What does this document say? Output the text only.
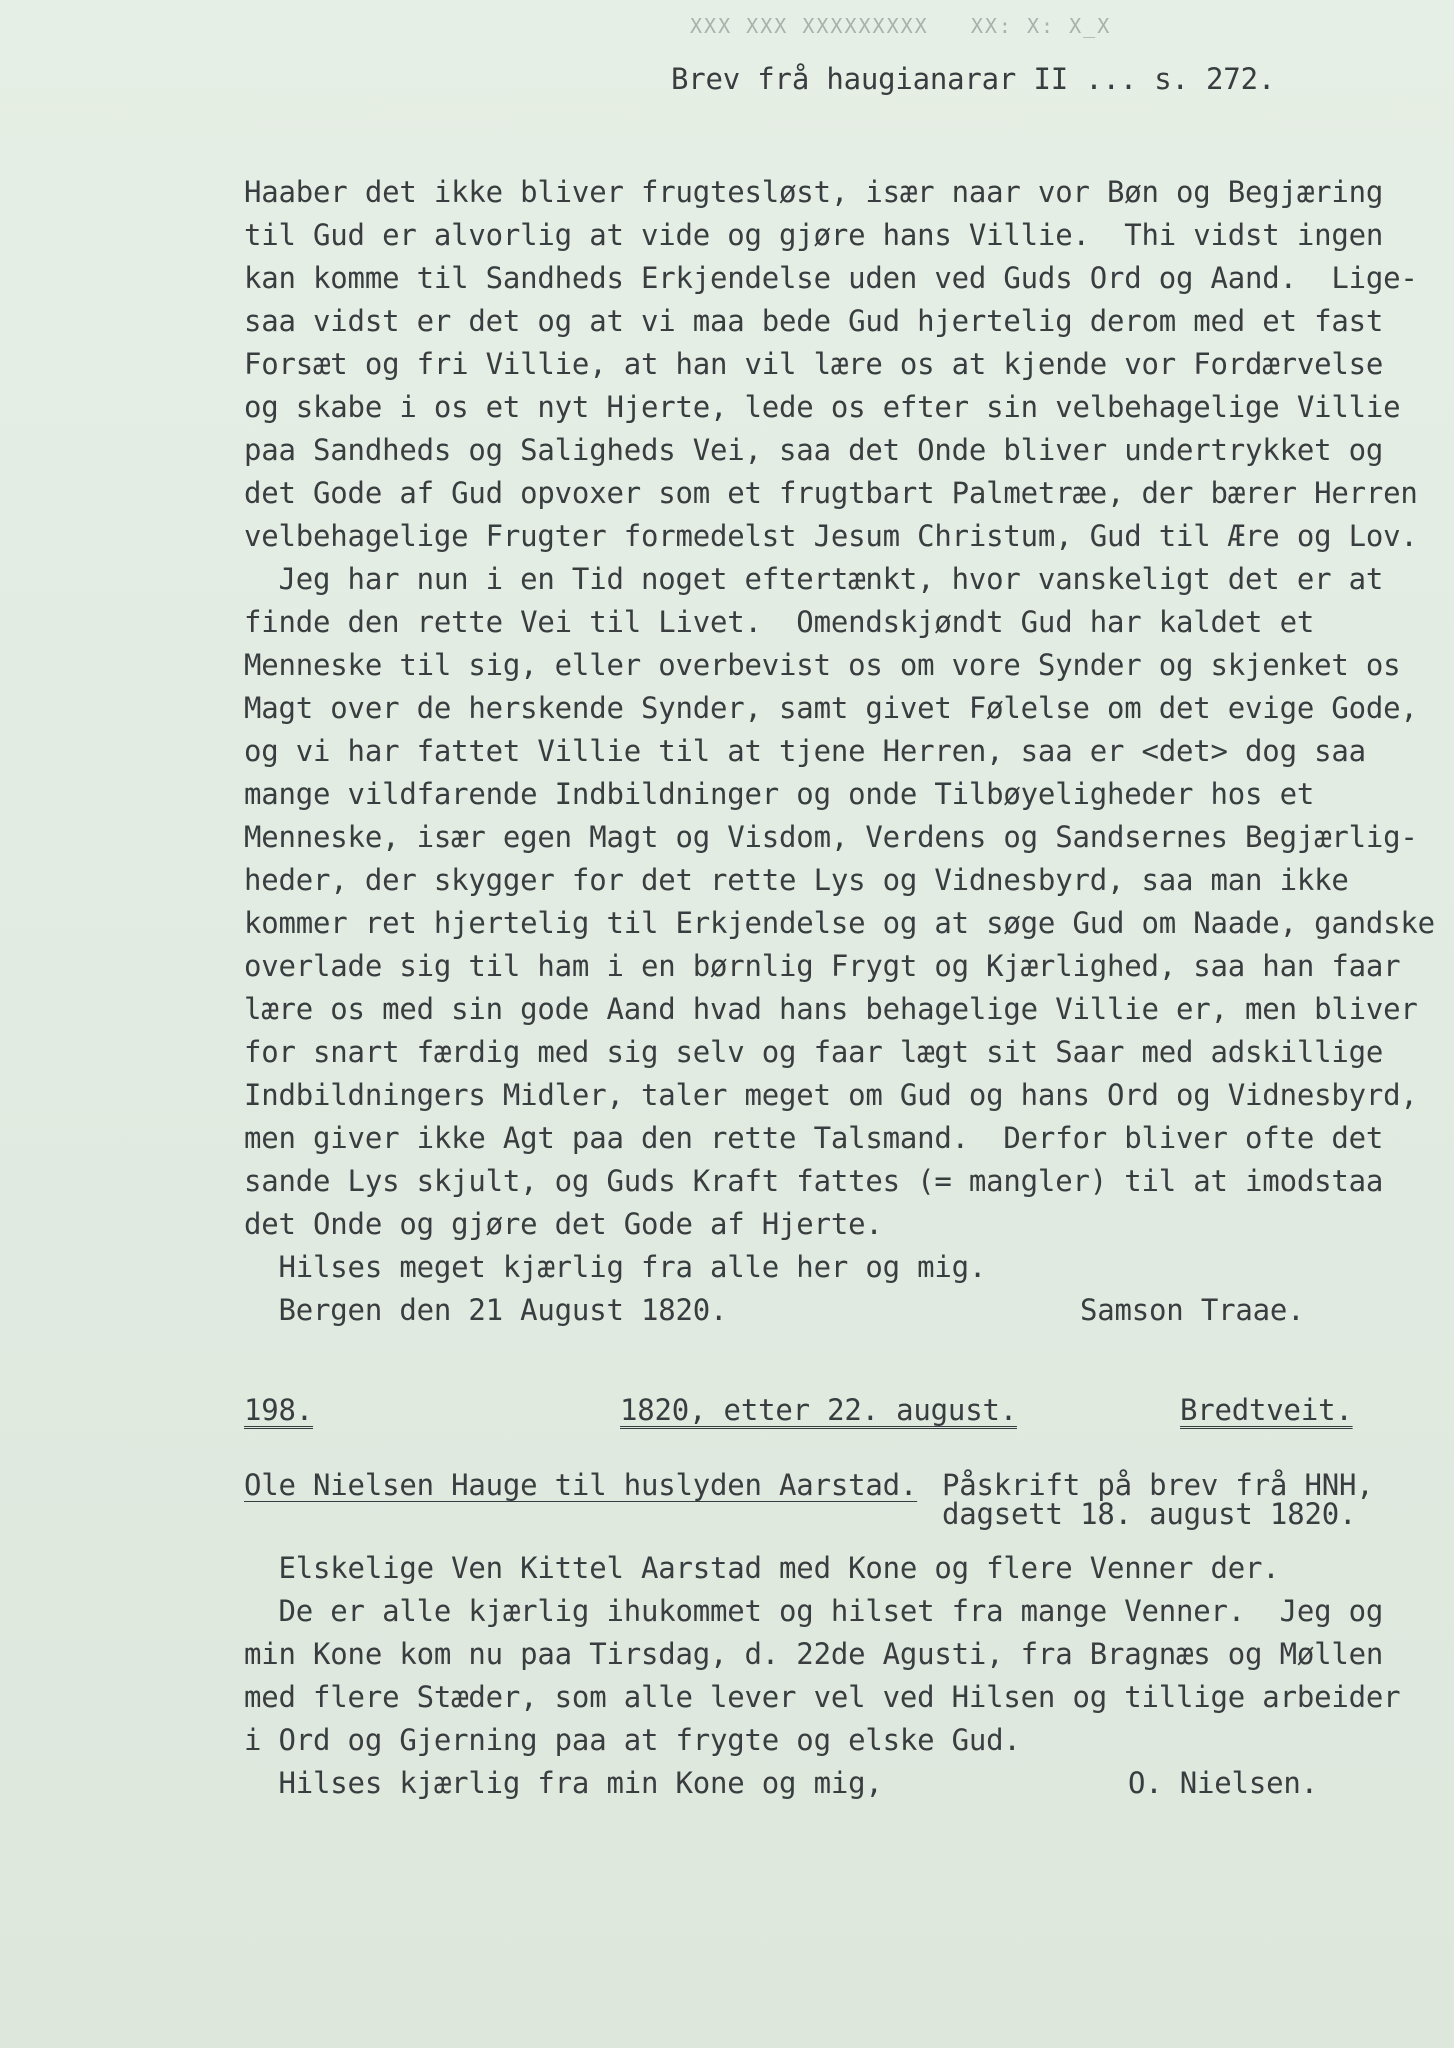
XXX XXX XXXXXXXXX   XX: X: X_X
Brev frå haugianarar II ... s. 272.
Haaber det ikke bliver frugtesløst, især naar vor Bøn og Begjæring
til Gud er alvorlig at vide og gjøre hans Villie.  Thi vidst ingen
kan komme til Sandheds Erkjendelse uden ved Guds Ord og Aand.  Lige-
saa vidst er det og at vi maa bede Gud hjertelig derom med et fast
Forsæt og fri Villie, at han vil lære os at kjende vor Fordærvelse
og skabe i os et nyt Hjerte, lede os efter sin velbehagelige Villie
paa Sandheds og Saligheds Vei, saa det Onde bliver undertrykket og
det Gode af Gud opvoxer som et frugtbart Palmetræe, der bærer Herren
velbehagelige Frugter formedelst Jesum Christum, Gud til Ære og Lov.
Jeg har nun i en Tid noget eftertænkt, hvor vanskeligt det er at
finde den rette Vei til Livet.  Omendskjøndt Gud har kaldet et
Menneske til sig, eller overbevist os om vore Synder og skjenket os
Magt over de herskende Synder, samt givet Følelse om det evige Gode,
og vi har fattet Villie til at tjene Herren, saa er <det> dog saa
mange vildfarende Indbildninger og onde Tilbøyeligheder hos et
Menneske, især egen Magt og Visdom, Verdens og Sandsernes Begjærlig-
heder, der skygger for det rette Lys og Vidnesbyrd, saa man ikke
kommer ret hjertelig til Erkjendelse og at søge Gud om Naade, gandske
overlade sig til ham i en børnlig Frygt og Kjærlighed, saa han faar
lære os med sin gode Aand hvad hans behagelige Villie er, men bliver
for snart færdig med sig selv og faar lægt sit Saar med adskillige
Indbildningers Midler, taler meget om Gud og hans Ord og Vidnesbyrd,
men giver ikke Agt paa den rette Talsmand.  Derfor bliver ofte det
sande Lys skjult, og Guds Kraft fattes (= mangler) til at imodstaa
det Onde og gjøre det Gode af Hjerte.
Hilses meget kjærlig fra alle her og mig.
Bergen den 21 August 1820.	Samson Traae.
198.	1820, etter 22. august.	Bredtveit.
Ole Nielsen Hauge til huslyden Aarstad. Påskrift på brev frå HNH,
dagsett 18. august 1820.
Elskelige Ven Kittel Aarstad med Kone og flere Venner der.
De er alle kjærlig ihukommet og hilset fra mange Venner.  Jeg og
min Kone kom nu paa Tirsdag, d. 22de Agusti, fra Bragnæs og Møllen
med flere Stæder, som alle lever vel ved Hilsen og tillige arbeider
i Ord og Gjerning paa at frygte og elske Gud.
Hilses kjærlig fra min Kone og mig,	O. Nielsen.
